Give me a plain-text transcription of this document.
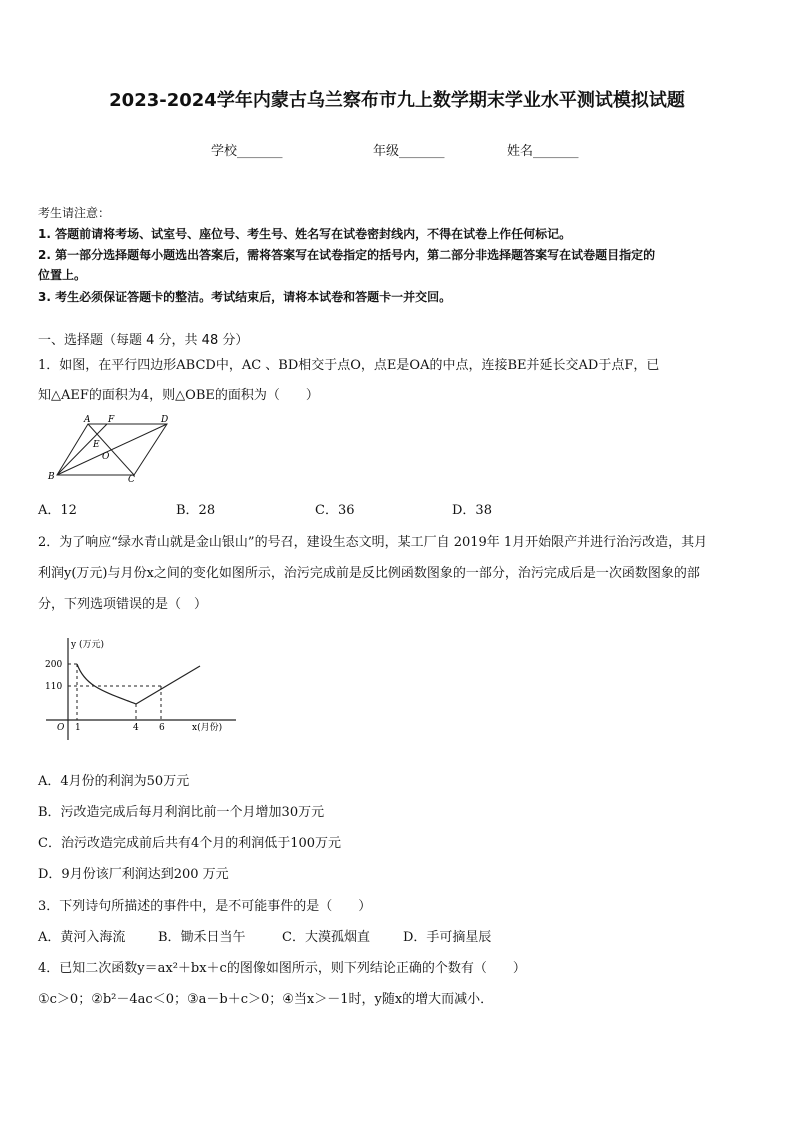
2023-2024学年内蒙古乌兰察布市九上数学期末学业水平测试模拟试题
学校_______	年级_______	姓名_______
考生请注意：
1. 答题前请将考场、试室号、座位号、考生号、姓名写在试卷密封线内，不得在试卷上作任何标记。
2. 第一部分选择题每小题选出答案后，需将答案写在试卷指定的括号内，第二部分非选择题答案写在试卷题目指定的
位置上。
3. 考生必须保证答题卡的整洁。考试结束后，请将本试卷和答题卡一并交回。
一、选择题（每题 4 分，共 48 分）
1．如图，在平行四边形ABCD中，AC 、BD相交于点O，点E是OA的中点，连接BE并延长交AD于点F，已
知△AEF的面积为4，则△OBE的面积为（　　）
A F	D
E
O
B	C
A．12	B．28	C．36	D．38
2．为了响应“绿水青山就是金山银山”的号召，建设生态文明，某工厂自 2019年 1月开始限产并进行治污改造，其月
利润y(万元)与月份x之间的变化如图所示，治污完成前是反比例函数图象的一部分，治污完成后是一次函数图象的部
分，下列选项错误的是（　）
y (万元)
200
110
O 1	4 6	x(月份)
A．4月份的利润为50万元
B．污改造完成后每月利润比前一个月增加30万元
C．治污改造完成前后共有4个月的利润低于100万元
D．9月份该厂利润达到200 万元
3．下列诗句所描述的事件中，是不可能事件的是（　　）
A．黄河入海流	B．锄禾日当午	C．大漠孤烟直	D．手可摘星辰
4．已知二次函数y＝ax²＋bx＋c的图像如图所示，则下列结论正确的个数有（　　）
①c＞0；②b²－4ac＜0；③a－b＋c＞0；④当x＞－1时，y随x的增大而减小．
